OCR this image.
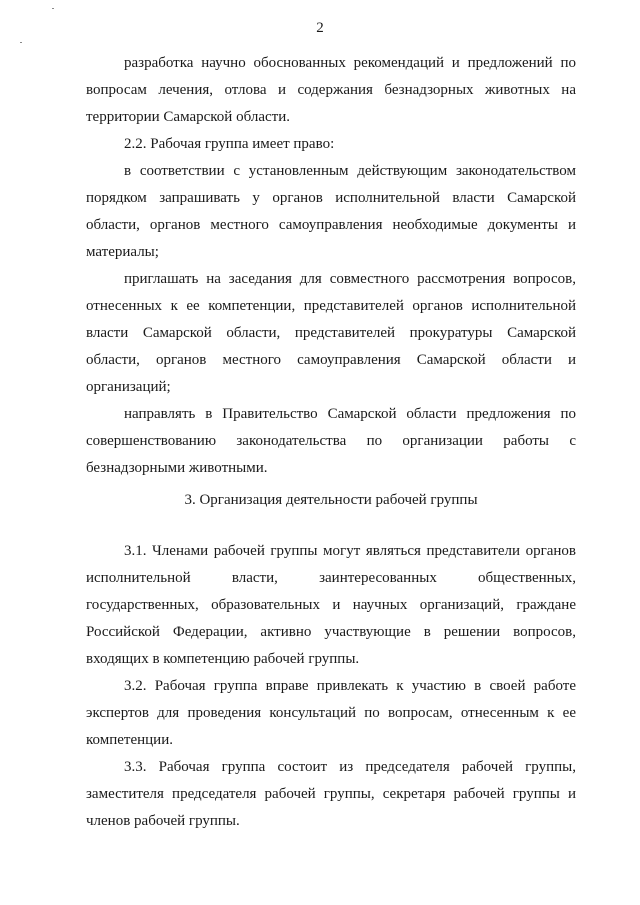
2

разработка научно обоснованных рекомендаций и предложений по вопросам лечения, отлова и содержания безнадзорных животных на территории Самарской области.

2.2. Рабочая группа имеет право:

в соответствии с установленным действующим законодательством порядком запрашивать у органов исполнительной власти Самарской области, органов местного самоуправления необходимые документы и материалы;

приглашать на заседания для совместного рассмотрения вопросов, отнесенных к ее компетенции, представителей органов исполнительной власти Самарской области, представителей прокуратуры Самарской области, органов местного самоуправления Самарской области и организаций;

направлять в Правительство Самарской области предложения по совершенствованию законодательства по организации работы с безнадзорными животными.

3. Организация деятельности рабочей группы

3.1. Членами рабочей группы могут являться представители органов исполнительной власти, заинтересованных общественных, государственных, образовательных и научных организаций, граждане Российской Федерации, активно участвующие в решении вопросов, входящих в компетенцию рабочей группы.

3.2. Рабочая группа вправе привлекать к участию в своей работе экспертов для проведения консультаций по вопросам, отнесенным к ее компетенции.

3.3. Рабочая группа состоит из председателя рабочей группы, заместителя председателя рабочей группы, секретаря рабочей группы и членов рабочей группы.
